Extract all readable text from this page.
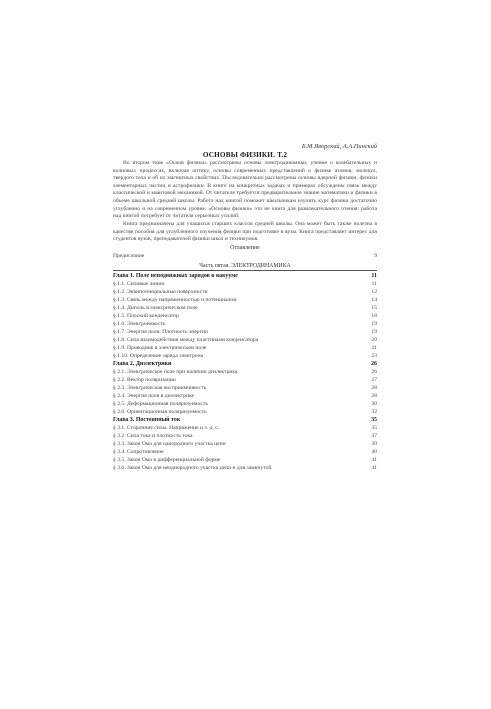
Б.М.Яворский, А.А.Пинский
ОСНОВЫ ФИЗИКИ. Т.2

Во втором томе «Основ физики» рассмотрены основы электродинамики, учение о колебательных и волновых процессах, включая оптику, основы современных представлений о физике атомов, молекул, твердого тела и об их магнитных свойствах. Последовательно рассмотрены основы ядерной физики, физики элементарных частиц и астрофизики. В книге на конкретных задачах и примерах обсуждены связь между классической и квантовой механикой. От читателя требуется предварительное знание математики и физики в объеме школьной средней школы. Работа над книгой поможет школьникам изучить курс физики достаточно углубленно и на современном уровне. «Основы физики» это не книга для развлекательного чтения: работа над книгой потребует от читателя серьезных усилий.

Книга предназначена для учащихся старших классов средней школы. Она может быть также полезна в качестве пособия для углубленного изучения физики при подготовке в вузы. Книга представляет интерес для студентов вузов, преподавателей физики школ и техникумов.

Оглавление
Предисловие	9
Часть пятая. ЭЛЕКТРОДИНАМИКА
Глава 1. Поле неподвижных зарядов в вакууме	11
§ 1.1. Силовые линии	11
§ 1.2. Эквипотенциальные поверхности	12
§ 1.3. Связь между напряженностью и потенциалом	14
§ 1.4. Диполь в электрическом поле	15
§ 1.5. Плоский конденсатор	18
§ 1.6. Электроемкость	19
§ 1.7. Энергия поля. Плотность энергии	19
§ 1.8. Сила взаимодействия между пластинами конденсатора	20
§ 1.9. Проводник в электрическом поле	21
§ 1.10. Определение заряда электрона	23
Глава 2. Диэлектрики	26
§ 2.1. Электрическое поле при наличии диэлектрика	26
§ 2.2. Вектор поляризации	27
§ 2.3. Электрическая восприимчивость	28
§ 2.4. Энергия поля в диэлектрике	28
§ 2.5. Деформационная поляризуемость	30
§ 2.6. Ориентационная поляризуемость	32
Глава 3. Постоянный ток	35
§ 3.1. Сторонние силы. Напряжение и э. д. с.	35
§ 3.2. Сила тока и плотность тока	37
§ 3.3. Закон Ома для однородного участка цепи	39
§ 3.4. Сопротивление	40
§ 3.5. Закон Ома в дифференциальной форме	41
§ 3.6. Закон Ома для неоднородного участка цепи и для замкнутой	41
